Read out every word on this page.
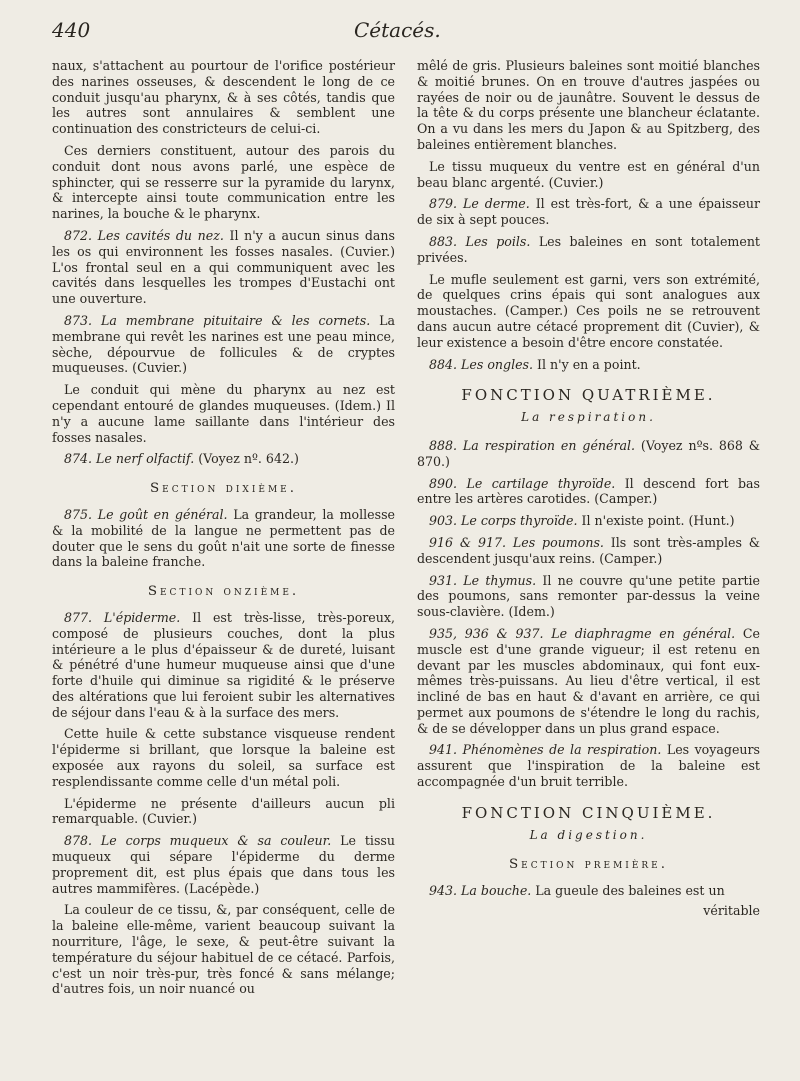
440	Cétacés.

naux, s'attachent au pourtour de l'orifice postérieur des narines osseuses, & descendent le long de ce conduit jusqu'au pharynx, & à ses côtés, tandis que les autres sont annulaires & semblent une continuation des constricteurs de celui-ci.

Ces derniers constituent, autour des parois du conduit dont nous avons parlé, une espèce de sphincter, qui se resserre sur la pyramide du larynx, & intercepte ainsi toute communication entre les narines, la bouche & le pharynx.

872. Les cavités du nez. Il n'y a aucun sinus dans les os qui environnent les fosses nasales. (Cuvier.) L'os frontal seul en a qui communiquent avec les cavités dans lesquelles les trompes d'Eustachi ont une ouverture.

873. La membrane pituitaire & les cornets. La membrane qui revêt les narines est une peau mince, sèche, dépourvue de follicules & de cryptes muqueuses. (Cuvier.)

Le conduit qui mène du pharynx au nez est cependant entouré de glandes muqueuses. (Idem.) Il n'y a aucune lame saillante dans l'intérieur des fosses nasales.

874. Le nerf olfactif. (Voyez nº. 642.)

Section dixième.

875. Le goût en général. La grandeur, la mollesse & la mobilité de la langue ne permettent pas de douter que le sens du goût n'ait une sorte de finesse dans la baleine franche.

Section onzième.

877. L'épiderme. Il est très-lisse, très-poreux, composé de plusieurs couches, dont la plus intérieure a le plus d'épaisseur & de dureté, luisant & pénétré d'une humeur muqueuse ainsi que d'une forte d'huile qui diminue sa rigidité & le préserve des altérations que lui feroient subir les alternatives de séjour dans l'eau & à la surface des mers.

Cette huile & cette substance visqueuse rendent l'épiderme si brillant, que lorsque la baleine est exposée aux rayons du soleil, sa surface est resplendissante comme celle d'un métal poli.

L'épiderme ne présente d'ailleurs aucun pli remarquable. (Cuvier.)

878. Le corps muqueux & sa couleur. Le tissu muqueux qui sépare l'épiderme du derme proprement dit, est plus épais que dans tous les autres mammifères. (Lacépède.)

La couleur de ce tissu, &, par conséquent, celle de la baleine elle-même, varient beaucoup suivant la nourriture, l'âge, le sexe, & peut-être suivant la température du séjour habituel de ce cétacé. Parfois, c'est un noir très-pur, très foncé & sans mélange; d'autres fois, un noir nuancé ou

mêlé de gris. Plusieurs baleines sont moitié blanches & moitié brunes. On en trouve d'autres jaspées ou rayées de noir ou de jaunâtre. Souvent le dessus de la tête & du corps présente une blancheur éclatante. On a vu dans les mers du Japon & au Spitzberg, des baleines entièrement blanches.

Le tissu muqueux du ventre est en général d'un beau blanc argenté. (Cuvier.)

879. Le derme. Il est très-fort, & a une épaisseur de six à sept pouces.

883. Les poils. Les baleines en sont totalement privées.

Le mufle seulement est garni, vers son extrémité, de quelques crins épais qui sont analogues aux moustaches. (Camper.) Ces poils ne se retrouvent dans aucun autre cétacé proprement dit (Cuvier), & leur existence a besoin d'être encore constatée.

884. Les ongles. Il n'y en a point.

FONCTION QUATRIÈME.
La respiration.

888. La respiration en général. (Voyez nºs. 868 & 870.)

890. Le cartilage thyroïde. Il descend fort bas entre les artères carotides. (Camper.)

903. Le corps thyroïde. Il n'existe point. (Hunt.)

916 & 917. Les poumons. Ils sont très-amples & descendent jusqu'aux reins. (Camper.)

931. Le thymus. Il ne couvre qu'une petite partie des poumons, sans remonter par-dessus la veine sous-clavière. (Idem.)

935, 936 & 937. Le diaphragme en général. Ce muscle est d'une grande vigueur; il est retenu en devant par les muscles abdominaux, qui font eux-mêmes très-puissans. Au lieu d'être vertical, il est incliné de bas en haut & d'avant en arrière, ce qui permet aux poumons de s'étendre le long du rachis, & de se développer dans un plus grand espace.

941. Phénomènes de la respiration. Les voyageurs assurent que l'inspiration de la baleine est accompagnée d'un bruit terrible.

FONCTION CINQUIÈME.
La digestion.
Section première.

943. La bouche. La gueule des baleines est un

véritable
